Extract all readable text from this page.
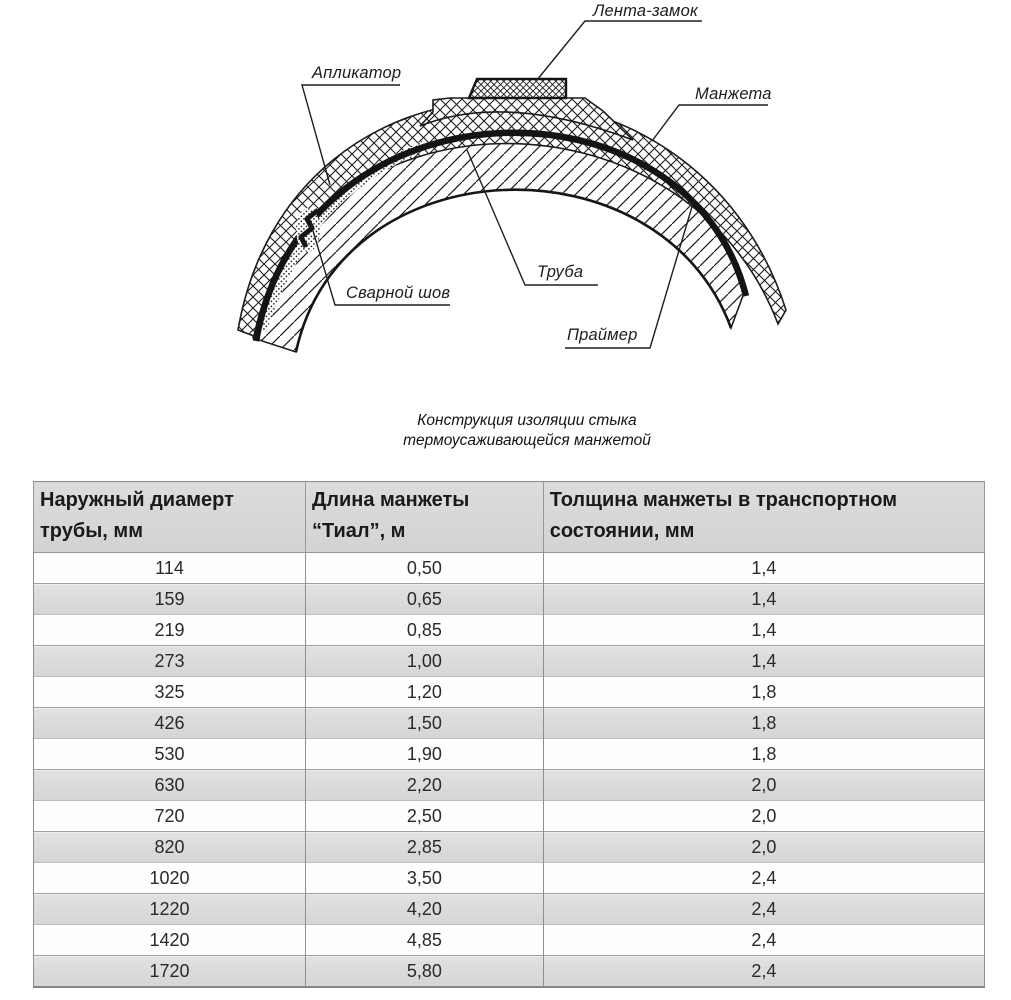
Лента-замок
Апликатор
Манжета
Труба
Сварной шов
Праймер
Конструкция изоляции стыка
термоусаживающейся манжетой
Наружный диамерт трубы, мм	Длина манжеты “Тиал”, м	Толщина манжеты в транспортном состоянии, мм
114	0,50	1,4
159	0,65	1,4
219	0,85	1,4
273	1,00	1,4
325	1,20	1,8
426	1,50	1,8
530	1,90	1,8
630	2,20	2,0
720	2,50	2,0
820	2,85	2,0
1020	3,50	2,4
1220	4,20	2,4
1420	4,85	2,4
1720	5,80	2,4
